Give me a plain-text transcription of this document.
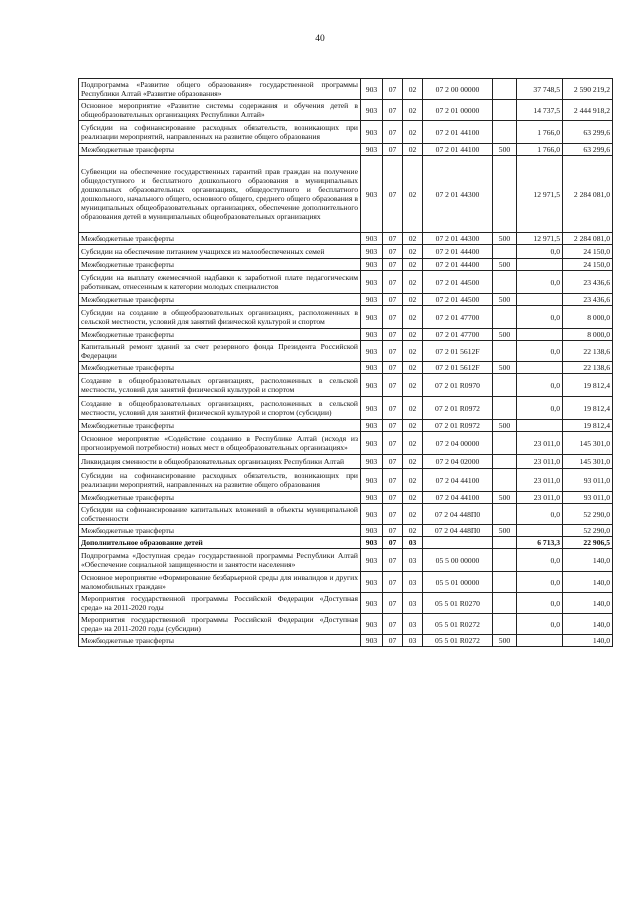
40
Подпрограмма «Развитие общего образования» государственной программы Республики Алтай «Развитие образования»	903	07	02	07 2 00 00000		37 748,5	2 590 219,2
Основное мероприятие «Развитие системы содержания и обучения детей в общеобразовательных организациях Республики Алтай»	903	07	02	07 2 01 00000		14 737,5	2 444 918,2
Субсидии на софинансирование расходных обязательств, возникающих при реализации мероприятий, направленных на развитие общего образования	903	07	02	07 2 01 44100		1 766,0	63 299,6
Межбюджетные трансферты	903	07	02	07 2 01 44100	500	1 766,0	63 299,6
Субвенции на обеспечение государственных гарантий прав граждан на получение общедоступного и бесплатного дошкольного образования в муниципальных дошкольных образовательных организациях, общедоступного и бесплатного дошкольного, начального общего, основного общего, среднего общего образования в муниципальных общеобразовательных организациях, обеспечение дополнительного образования детей в муниципальных общеобразовательных организациях	903	07	02	07 2 01 44300		12 971,5	2 284 081,0
Межбюджетные трансферты	903	07	02	07 2 01 44300	500	12 971,5	2 284 081,0
Субсидии на обеспечение питанием учащихся из малообеспеченных семей	903	07	02	07 2 01 44400		0,0	24 150,0
Межбюджетные трансферты	903	07	02	07 2 01 44400	500		24 150,0
Субсидии на выплату ежемесячной надбавки к заработной плате педагогическим работникам, отнесенным к категории молодых специалистов	903	07	02	07 2 01 44500		0,0	23 436,6
Межбюджетные трансферты	903	07	02	07 2 01 44500	500		23 436,6
Субсидии на создание в общеобразовательных организациях, расположенных в сельской местности, условий для занятий физической культурой и спортом	903	07	02	07 2 01 47700		0,0	8 000,0
Межбюджетные трансферты	903	07	02	07 2 01 47700	500		8 000,0
Капитальный ремонт зданий за счет резервного фонда Президента Российской Федерации	903	07	02	07 2 01 5612F		0,0	22 138,6
Межбюджетные трансферты	903	07	02	07 2 01 5612F	500		22 138,6
Создание в общеобразовательных организациях, расположенных в сельской местности, условий для занятий физической культурой и спортом	903	07	02	07 2 01 R0970		0,0	19 812,4
Создание в общеобразовательных организациях, расположенных в сельской местности, условий для занятий физической культурой и спортом (субсидии)	903	07	02	07 2 01 R0972		0,0	19 812,4
Межбюджетные трансферты	903	07	02	07 2 01 R0972	500		19 812,4
Основное мероприятие «Содействие созданию в Республике Алтай (исходя из прогнозируемой потребности) новых мест в общеобразовательных организациях»	903	07	02	07 2 04 00000		23 011,0	145 301,0
Ликвидация сменности в общеобразовательных организациях Республики Алтай	903	07	02	07 2 04 02000		23 011,0	145 301,0
Субсидии на софинансирование расходных обязательств, возникающих при реализации мероприятий, направленных на развитие общего образования	903	07	02	07 2 04 44100		23 011,0	93 011,0
Межбюджетные трансферты	903	07	02	07 2 04 44100	500	23 011,0	93 011,0
Субсидии на софинансирование капитальных вложений в объекты муниципальной собственности	903	07	02	07 2 04 448П0		0,0	52 290,0
Межбюджетные трансферты	903	07	02	07 2 04 448П0	500		52 290,0
Дополнительное образование детей	903	07	03			6 713,3	22 906,5
Подпрограмма «Доступная среда» государственной программы Республики Алтай «Обеспечение социальной защищенности и занятости населения»	903	07	03	05 5 00 00000		0,0	140,0
Основное мероприятие «Формирование безбарьерной среды для инвалидов и других маломобильных граждан»	903	07	03	05 5 01 00000		0,0	140,0
Мероприятия государственной программы Российской Федерации «Доступная среда» на 2011-2020 годы	903	07	03	05 5 01 R0270		0,0	140,0
Мероприятия государственной программы Российской Федерации «Доступная среда» на 2011-2020 годы (субсидии)	903	07	03	05 5 01 R0272		0,0	140,0
Межбюджетные трансферты	903	07	03	05 5 01 R0272	500		140,0
